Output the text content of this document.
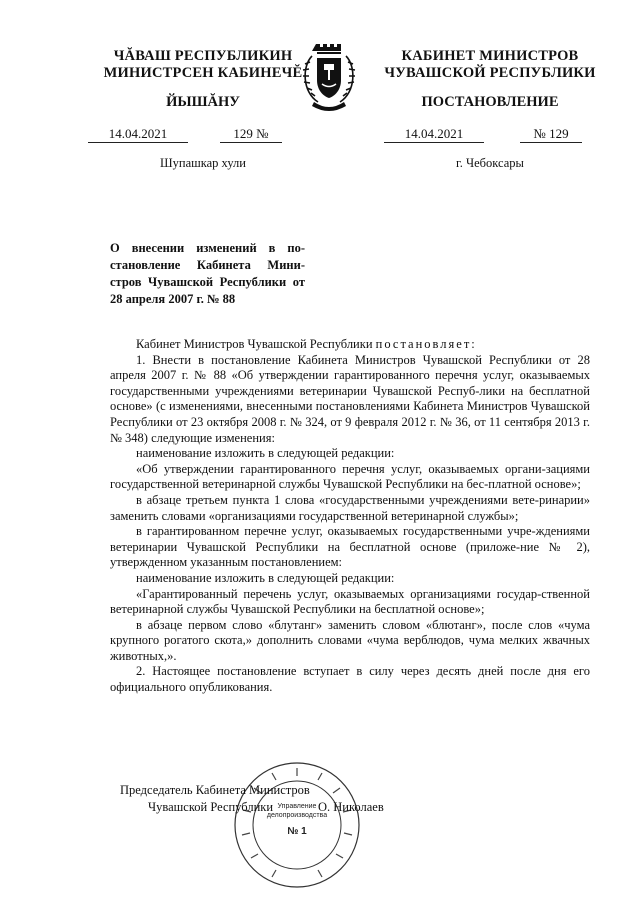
ЧĂВАШ РЕСПУБЛИКИН
МИНИСТРСЕН КАБИНЕЧĔ
ЙЫШĂНУ
14.04.2021	129 №
Шупашкар хули
КАБИНЕТ МИНИСТРОВ
ЧУВАШСКОЙ РЕСПУБЛИКИ
ПОСТАНОВЛЕНИЕ
14.04.2021	№ 129
г. Чебоксары
О внесении изменений в по-становление Кабинета Мини-стров Чувашской Республики от 28 апреля 2007 г. № 88

Кабинет Министров Чувашской Республики постановляет:

1. Внести в постановление Кабинета Министров Чувашской Республики от 28 апреля 2007 г. № 88 «Об утверждении гарантированного перечня услуг, оказываемых государственными учреждениями ветеринарии Чувашской Респуб-лики на бесплатной основе» (с изменениями, внесенными постановлениями Кабинета Министров Чувашской Республики от 23 октября 2008 г. № 324, от 9 февраля 2012 г. № 36, от 11 сентября 2013 г. № 348) следующие изменения:

наименование изложить в следующей редакции:

«Об утверждении гарантированного перечня услуг, оказываемых органи-зациями государственной ветеринарной службы Чувашской Республики на бес-платной основе»;

в абзаце третьем пункта 1 слова «государственными учреждениями вете-ринарии» заменить словами «организациями государственной ветеринарной службы»;

в гарантированном перечне услуг, оказываемых государственными учре-ждениями ветеринарии Чувашской Республики на бесплатной основе (приложе-ние № 2), утвержденном указанным постановлением:

наименование изложить в следующей редакции:

«Гарантированный перечень услуг, оказываемых организациями государ-ственной ветеринарной службы Чувашской Республики на бесплатной основе»;

в абзаце первом слово «блутанг» заменить словом «блютанг», после слов «чума крупного рогатого скота,» дополнить словами «чума верблюдов, чума мелких жвачных животных,».

2. Настоящее постановление вступает в силу через десять дней после дня его официального опубликования.

Управление делопроизводства
№ 1
Председатель Кабинета Министров
Чувашской Республики	О. Николаев
